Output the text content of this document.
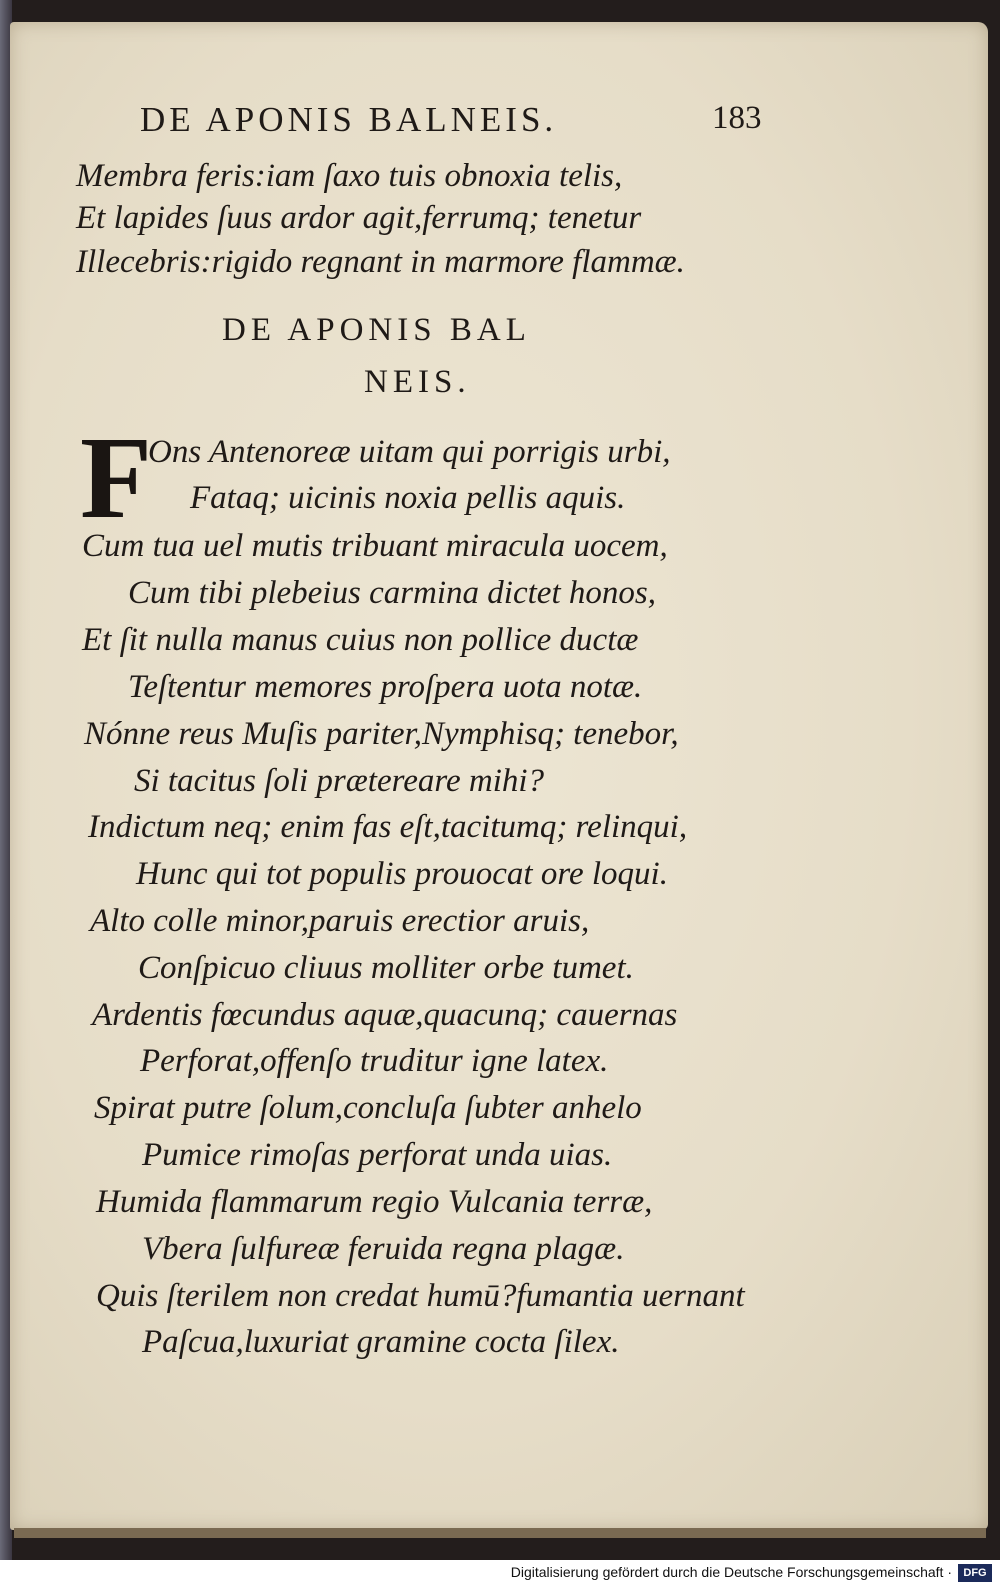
DE APONIS BALNEIS.	183
Membra feris:iam ſaxo tuis obnoxia telis,
Et lapides ſuus ardor agit,ferrumq; tenetur
Illecebris:rigido regnant in marmore flammæ.
DE APONIS BAL
NEIS.
F
Ons Antenoreæ uitam qui porrigis urbi,
Fataq; uicinis noxia pellis aquis.
Cum tua uel mutis tribuant miracula uocem,
Cum tibi plebeius carmina dictet honos,
Et ſit nulla manus cuius non pollice ductæ
Teſtentur memores proſpera uota notæ.
Nónne reus Muſis pariter,Nymphisq; tenebor,
Si tacitus ſoli prætereare mihi?
Indictum neq; enim fas eſt,tacitumq; relinqui,
Hunc qui tot populis prouocat ore loqui.
Alto colle minor,paruis erectior aruis,
Conſpicuo cliuus molliter orbe tumet.
Ardentis fœcundus aquæ,quacunq; cauernas
Perforat,offenſo truditur igne latex.
Spirat putre ſolum,concluſa ſubter anhelo
Pumice rimoſas perforat unda uias.
Humida flammarum regio Vulcania terræ,
Vbera ſulfureæ feruida regna plagæ.
Quis ſterilem non credat humū?fumantia uernant
Paſcua,luxuriat gramine cocta ſilex.
Digitalisierung gefördert durch die Deutsche Forschungsgemeinschaft ·	DFG
